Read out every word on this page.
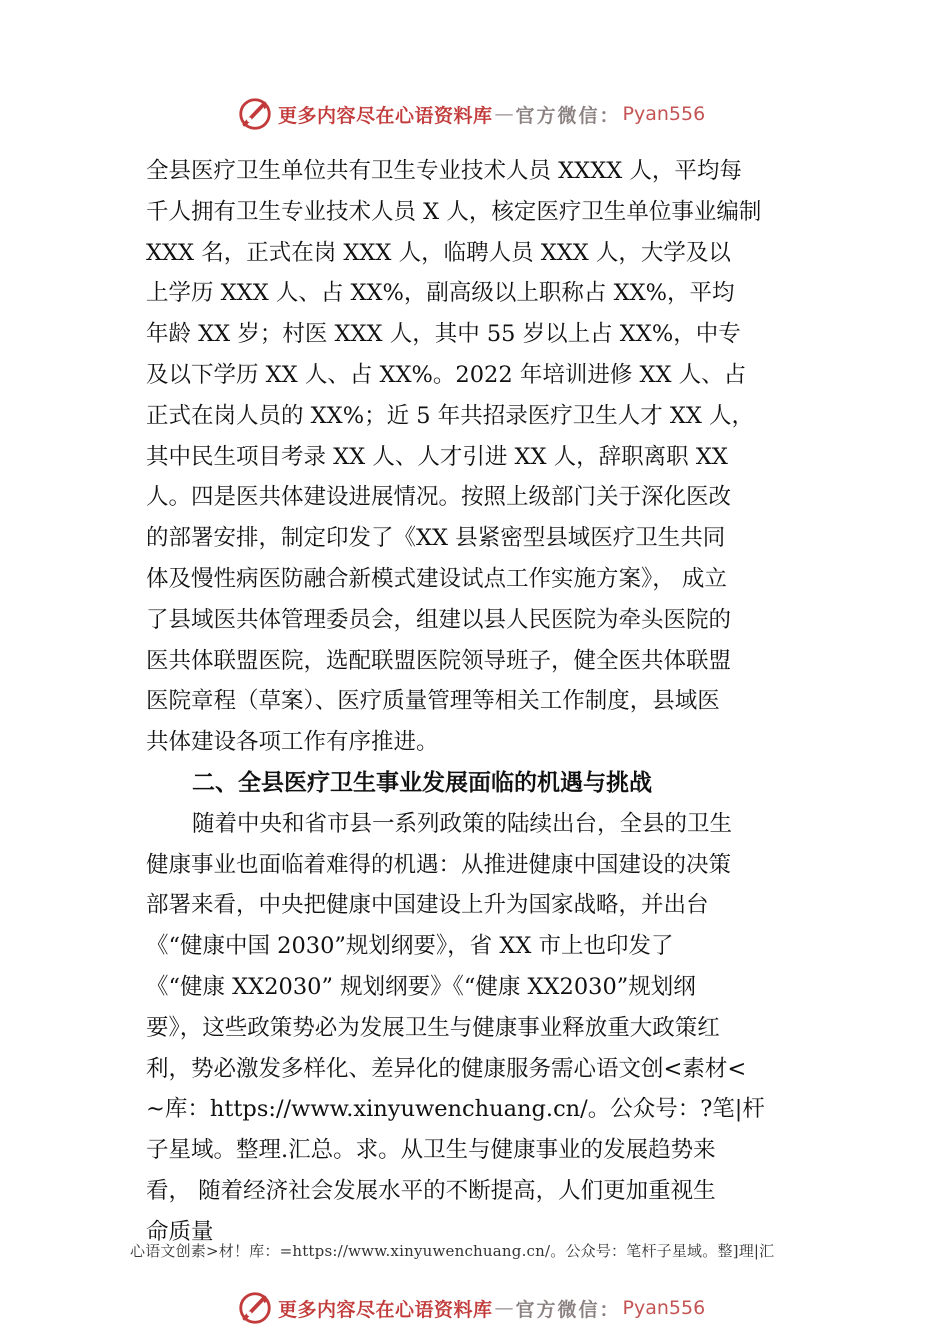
更多内容尽在心语资料库 — 官方微信： Pyan556
全县医疗卫生单位共有卫生专业技术人员 XXXX 人，平均每
千人拥有卫生专业技术人员 X 人，核定医疗卫生单位事业编制
XXX 名，正式在岗 XXX 人，临聘人员 XXX 人，大学及以
上学历 XXX 人、占 XX%，副高级以上职称占 XX%，平均
年龄 XX 岁；村医 XXX 人，其中 55 岁以上占 XX%，中专
及以下学历 XX 人、占 XX%。2022 年培训进修 XX 人、占
正式在岗人员的 XX%；近 5 年共招录医疗卫生人才 XX 人，
其中民生项目考录 XX 人、人才引进 XX 人，辞职离职 XX
人。四是医共体建设进展情况。按照上级部门关于深化医改
的部署安排，制定印发了《XX 县紧密型县域医疗卫生共同
体及慢性病医防融合新模式建设试点工作实施方案》， 成立
了县域医共体管理委员会，组建以县人民医院为牵头医院的
医共体联盟医院，选配联盟医院领导班子，健全医共体联盟
医院章程（草案）、医疗质量管理等相关工作制度，县域医
共体建设各项工作有序推进。
二、全县医疗卫生事业发展面临的机遇与挑战
随着中央和省市县一系列政策的陆续出台，全县的卫生
健康事业也面临着难得的机遇：从推进健康中国建设的决策
部署来看，中央把健康中国建设上升为国家战略，并出台
《“健康中国 2030”规划纲要》，省 XX 市上也印发了
《“健康 XX2030” 规划纲要》《“健康 XX2030”规划纲
要》，这些政策势必为发展卫生与健康事业释放重大政策红
利，势必激发多样化、差异化的健康服务需心语文创<素材<
~库：https://www.xinyuwenchuang.cn/。公众号：?笔|杆
子星域。整理.汇总。求。从卫生与健康事业的发展趋势来
看， 随着经济社会发展水平的不断提高，人们更加重视生
命质量
心语文创素>材！库：=https://www.xinyuwenchuang.cn/。公众号：笔杆子星域。整]理|汇
更多内容尽在心语资料库 — 官方微信： Pyan556
